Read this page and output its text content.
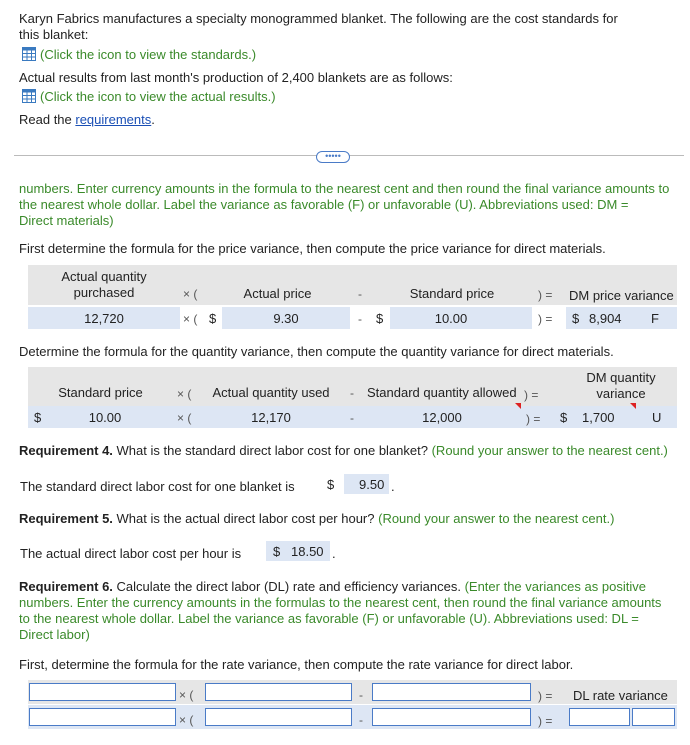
Karyn Fabrics manufactures a specialty monogrammed blanket. The following are the cost standards for
this blanket:
(Click the icon to view the standards.)
Actual results from last month's production of 2,400 blankets are as follows:
(Click the icon to view the actual results.)
Read the requirements.
•••••
numbers. Enter currency amounts in the formula to the nearest cent and then round the final variance amounts to
the nearest whole dollar. Label the variance as favorable (F) or unfavorable (U). Abbreviations used: DM =
Direct materials)
First determine the formula for the price variance, then compute the price variance for direct materials.
Actual quantity
purchased	× (	Actual price	-	Standard price	) = DM price variance
12,720	× ( $	9.30	- $	10.00	) = $ 8,904 F
Determine the formula for the quantity variance, then compute the quantity variance for direct materials.
Standard price	× (	Actual quantity used	- Standard quantity allowed ) =
DM quantity
variance
$	10.00	× (	12,170	-	12,000	) = $ 1,700	U
Requirement 4. What is the standard direct labor cost for one blanket? (Round your answer to the nearest cent.)
The standard direct labor cost for one blanket is $ 9.50 .
Requirement 5. What is the actual direct labor cost per hour? (Round your answer to the nearest cent.)
The actual direct labor cost per hour is $ 18.50 .
Requirement 6. Calculate the direct labor (DL) rate and efficiency variances. (Enter the variances as positive
numbers. Enter the currency amounts in the formulas to the nearest cent, then round the final variance amounts
to the nearest whole dollar. Label the variance as favorable (F) or unfavorable (U). Abbreviations used: DL =
Direct labor)
First, determine the formula for the rate variance, then compute the rate variance for direct labor.
× (	-	) = DL rate variance
× (	-	) =
